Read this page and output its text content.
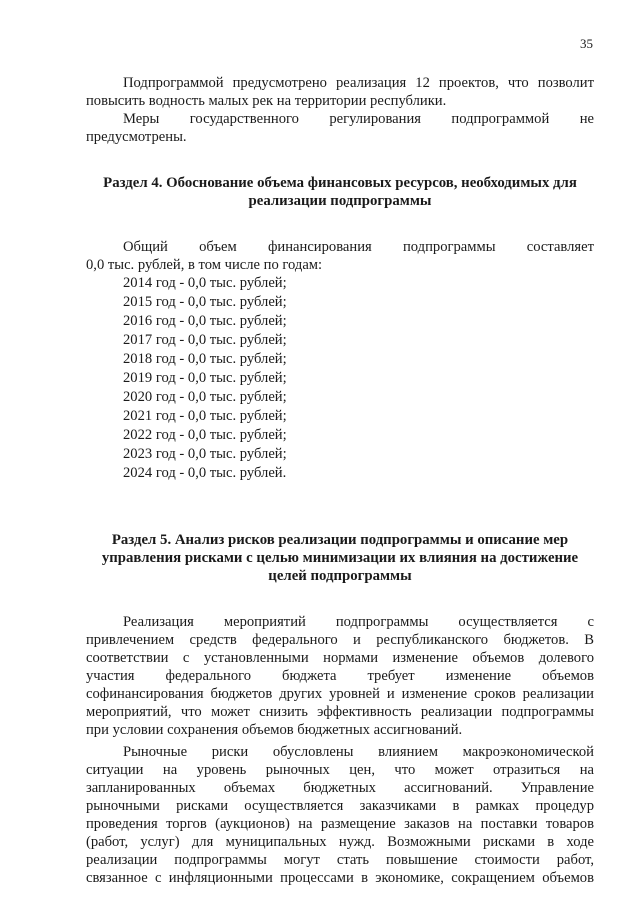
35
Подпрограммой предусмотрено реализация 12 проектов, что позволит
повысить водность малых рек на территории республики.
Меры государственного регулирования подпрограммой не
предусмотрены.
Раздел 4. Обоснование объема финансовых ресурсов, необходимых для
реализации подпрограммы
Общий объем финансирования подпрограммы составляет
0,0 тыс. рублей, в том числе по годам:
2014 год - 0,0 тыс. рублей;
2015 год - 0,0 тыс. рублей;
2016 год - 0,0 тыс. рублей;
2017 год - 0,0 тыс. рублей;
2018 год - 0,0 тыс. рублей;
2019 год - 0,0 тыс. рублей;
2020 год - 0,0 тыс. рублей;
2021 год - 0,0 тыс. рублей;
2022 год - 0,0 тыс. рублей;
2023 год - 0,0 тыс. рублей;
2024 год - 0,0 тыс. рублей.
Раздел 5. Анализ рисков реализации подпрограммы и описание мер
управления рисками с целью минимизации их влияния на достижение
целей подпрограммы
Реализация мероприятий подпрограммы осуществляется с
привлечением средств федерального и республиканского бюджетов. В
соответствии с установленными нормами изменение объемов долевого
участия федерального бюджета требует изменение объемов
софинансирования бюджетов других уровней и изменение сроков реализации
мероприятий, что может снизить эффективность реализации подпрограммы
при условии сохранения объемов бюджетных ассигнований.
Рыночные риски обусловлены влиянием макроэкономической
ситуации на уровень рыночных цен, что может отразиться на
запланированных объемах бюджетных ассигнований. Управление
рыночными рисками осуществляется заказчиками в рамках процедур
проведения торгов (аукционов) на размещение заказов на поставки товаров
(работ, услуг) для муниципальных нужд. Возможными рисками в ходе
реализации подпрограммы могут стать повышение стоимости работ,
связанное с инфляционными процессами в экономике, сокращением объемов
